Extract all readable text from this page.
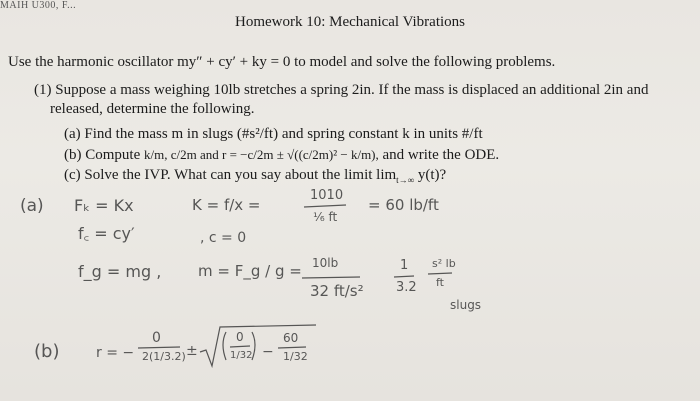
MAIH U300, F...
Homework 10: Mechanical Vibrations
Use the harmonic oscillator my″ + cy′ + ky = 0 to model and solve the following problems.
(1) Suppose a mass weighing 10lb stretches a spring 2in. If the mass is displaced an additional 2in and
released, determine the following.
(a) Find the mass m in slugs (#s²/ft) and spring constant k in units #/ft
(b) Compute k/m, c/2m and r = −c/2m ± √((c/2m)² − k/m), and write the ODE.
(c) Solve the IVP. What can you say about the limit $\lim_{t\to\infty} y(t)$?
(a) Fₖ = Kx	K = f/x =
1010
¹⁄₆ ft
= 60 lb/ft
f꜀ = cy′	, c = 0
f_g = mg , m = F_g / g = 10lb
32 ft/s²
1
3.2
s² lb
ft
slugs
(b)	r = −
0
2(1/3.2) ±
0
1/32 −
60
1/32
